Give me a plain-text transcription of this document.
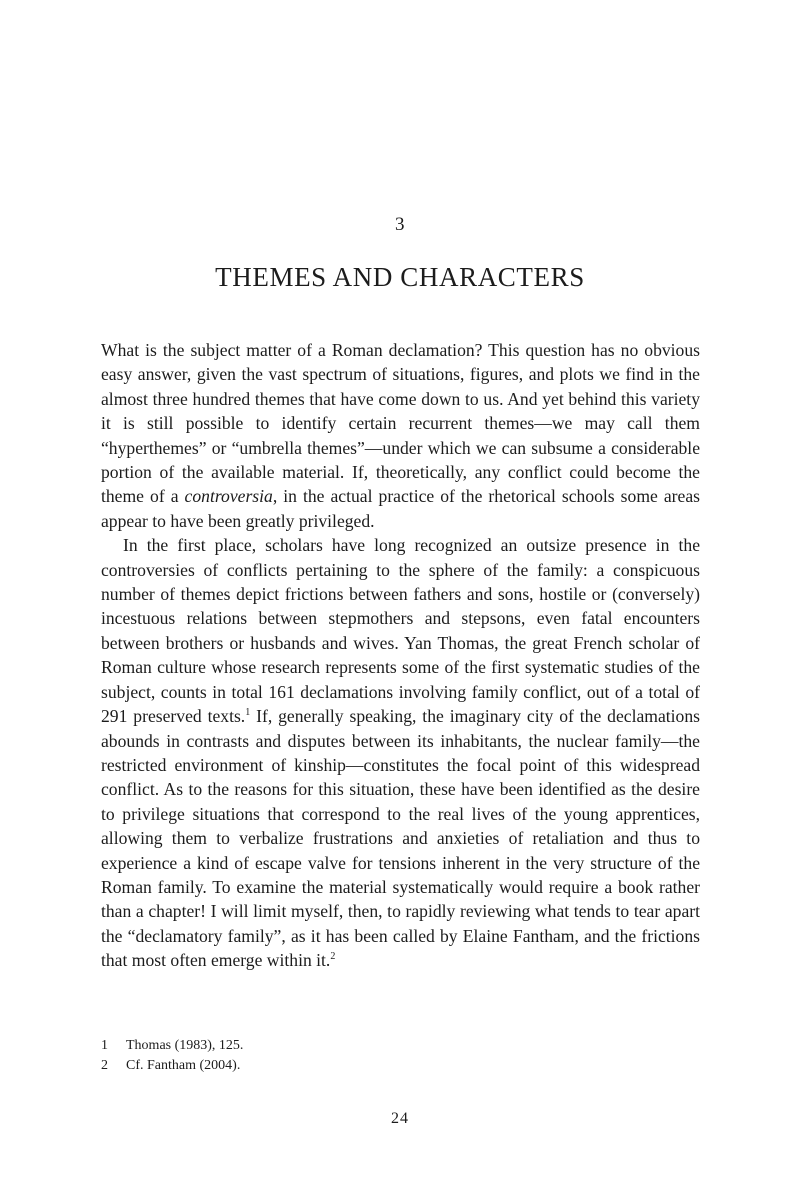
3
THEMES AND CHARACTERS

What is the subject matter of a Roman declamation? This question has no obvious easy answer, given the vast spectrum of situations, figures, and plots we find in the almost three hundred themes that have come down to us. And yet behind this variety it is still possible to identify certain recurrent themes—we may call them “hyperthemes” or “umbrella themes”—under which we can subsume a considerable portion of the available material. If, theoretically, any conflict could become the theme of a controversia, in the actual practice of the rhetorical schools some areas appear to have been greatly privileged.

In the first place, scholars have long recognized an outsize presence in the controversies of conflicts pertaining to the sphere of the family: a conspicuous number of themes depict frictions between fathers and sons, hostile or (conversely) incestuous relations between stepmothers and stepsons, even fatal encounters between brothers or husbands and wives. Yan Thomas, the great French scholar of Roman culture whose research represents some of the first systematic studies of the subject, counts in total 161 declamations involving family conflict, out of a total of 291 preserved texts.$^1$ If, generally speaking, the imaginary city of the declamations abounds in contrasts and disputes between its inhabitants, the nuclear family—the restricted environment of kinship—constitutes the focal point of this widespread conflict. As to the reasons for this situation, these have been identified as the desire to privilege situations that correspond to the real lives of the young apprentices, allowing them to verbalize frustrations and anxieties of retaliation and thus to experience a kind of escape valve for tensions inherent in the very structure of the Roman family. To examine the material systematically would require a book rather than a chapter! I will limit myself, then, to rapidly reviewing what tends to tear apart the “declamatory family”, as it has been called by Elaine Fantham, and the frictions that most often emerge within it.$^2$

1	Thomas (1983), 125.
2	Cf. Fantham (2004).
24
